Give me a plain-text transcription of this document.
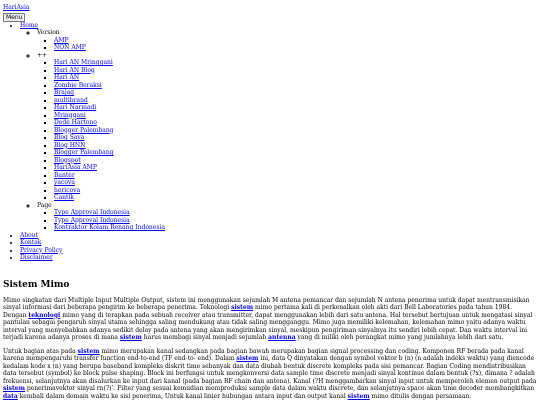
HariAsia
Menu
• Home
◦ Version
▪ AMP
▪ NON AMP
◦ ++
▪ Hari AN Mringgani
▪ Hari AN Blog
▪ Hari AN
▪ Zombie Beraksi
▪ Brajag
▪ multibrand
▪ Hari Narmadi
▪ Mringgani
▪ Dede Hartono
▪ Blogger Palembang
▪ Blog Saya
▪ Blog HNN
▪ Blogger Palembang
▪ Blogspot
▪ HariAsia AMP
▪ Banter
▪ yacova
▪ hericova
▪ Cantik
◦ Page
▪ Type Approval Indonesia
▪ Type Approval Indonesia
▪ Kontraktor Kolam Renang Indonesia
• About
• Kontak
• Privacy Policy
• Disclaimer
Sistem Mimo

Mimo singkatan dari Multiple Input Multiple Output, sistem ini menggunakan sejumlah M antena pemancar dan sejumlah N antena penerima untuk dapat mentransmisikan sinyal informasi dari beberapa pengirim ke beberapa penerima. Teknologi sistem mimo pertama kali di perkenalkan oleh akti dari Bell Laboratories pada tahun 1984. Dengan teknologi mimo yang di terapkan pada sebuah receiver atau transmitter, dapat menggunakan lebih dari satu antena. Hal tersebut bertujuan untuk mengatasi sinyal pantulan sebagai pengaruh sinyal utama sehingga saling mendukung atau tidak saling mengganggu. Mimo juga memiliki kelemahan, kelemahan mimo yaitu adanya waktu interval yang menyebabkan adanya sedikit delay pada antena yang akan mengirimkan sinyal, meskipun pengiriman sinyalnya itu sendiri lebih cepat. Dan waktu interval ini terjadi karena adanya proses di mana sistem harus membagi sinyal menjadi sejumlah antenna yang di miliki oleh perangkat mimo yang jumlahnya lebih dari satu.

Untuk bagian atas pada sistem mimo merupakan kanal sedangkan pada bagian bawah merupakan bagian signal processing dan coding. Komponen RF berada pada kanal karena mempengaruhi transfer function end-to-end (TF end-to- end). Dalam sistem ini, data Q dinyatakan dengan symbol vektor b (n) (n adalah indeks waktu) yang diencode kedalam kode x (n) yang berupa baseband kompleks diskrit time sebanyak dan data diubah bentuk discrete kompleks pada sisi pemancar. Bagian Coding mendistribusikan data tersebut (symbol) ke block pulse shaping. Block ini berfungsi untuk mengkonversi data sample time discrete menjadi sinyal kontinue dalam bentuk (?x), dimana ? adalah frekuensi, selanjutnya akan disalurkan ke input dari kanal (pada bagian RF chain dan antena). Kanal (?H menggambarkan sinyal input untuk memperoleh elemen output pada sistem penerimavektor sinyal rn(?)’. Filter yang sesuai kemudian memproduksi sample data dalam waktu discrete, dan selanjutnya space akan time decoder membangkitkan data kembali dalam domain waktu ke sisi penerima, Untuk kanal linier hubungan antara input dan output kanal sistem mimo ditulis dengan persamaan.
